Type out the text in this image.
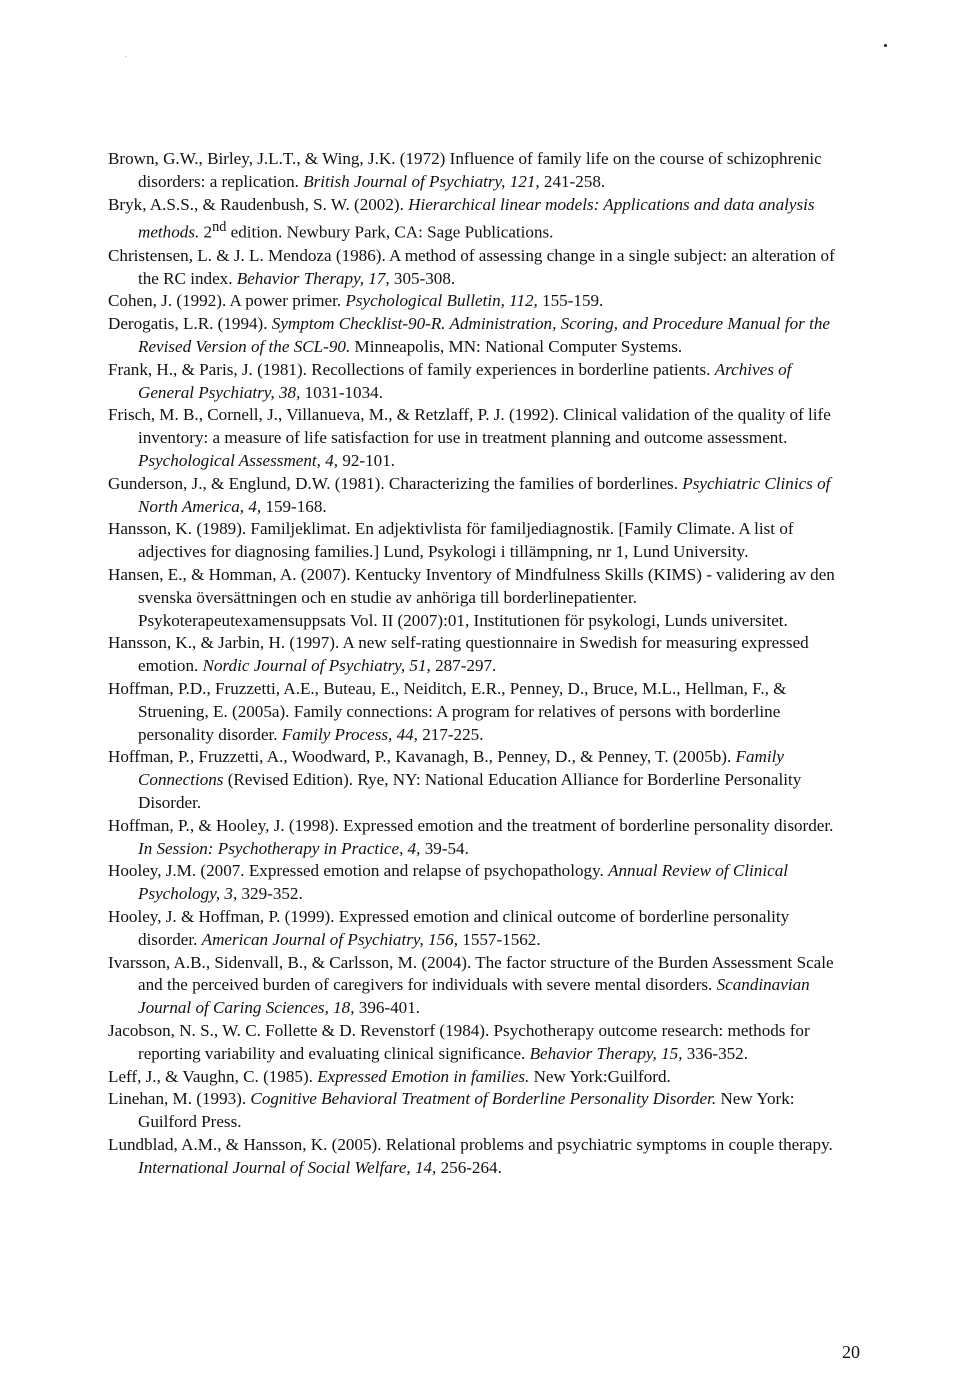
·

Brown, G.W., Birley, J.L.T., & Wing, J.K. (1972) Influence of family life on the course of schizophrenic disorders: a replication. British Journal of Psychiatry, 121, 241-258.

Bryk, A.S.S., & Raudenbush, S. W. (2002). Hierarchical linear models: Applications and data analysis methods. 2nd edition. Newbury Park, CA: Sage Publications.

Christensen, L. & J. L. Mendoza (1986). A method of assessing change in a single subject: an alteration of the RC index. Behavior Therapy, 17, 305-308.

Cohen, J. (1992). A power primer. Psychological Bulletin, 112, 155-159.

Derogatis, L.R. (1994). Symptom Checklist-90-R. Administration, Scoring, and Procedure Manual for the Revised Version of the SCL-90. Minneapolis, MN: National Computer Systems.

Frank, H., & Paris, J. (1981). Recollections of family experiences in borderline patients. Archives of General Psychiatry, 38, 1031-1034.

Frisch, M. B., Cornell, J., Villanueva, M., & Retzlaff, P. J. (1992). Clinical validation of the quality of life inventory: a measure of life satisfaction for use in treatment planning and outcome assessment. Psychological Assessment, 4, 92-101.

Gunderson, J., & Englund, D.W. (1981). Characterizing the families of borderlines. Psychiatric Clinics of North America, 4, 159-168.

Hansson, K. (1989). Familjeklimat. En adjektivlista för familjediagnostik. [Family Climate. A list of adjectives for diagnosing families.] Lund, Psykologi i tillämpning, nr 1, Lund University.

Hansen, E., & Homman, A. (2007). Kentucky Inventory of Mindfulness Skills (KIMS) - validering av den svenska översättningen och en studie av anhöriga till borderlinepatienter. Psykoterapeutexamensuppsats Vol. II (2007):01, Institutionen för psykologi, Lunds universitet.

Hansson, K., & Jarbin, H. (1997). A new self-rating questionnaire in Swedish for measuring expressed emotion. Nordic Journal of Psychiatry, 51, 287-297.

Hoffman, P.D., Fruzzetti, A.E., Buteau, E., Neiditch, E.R., Penney, D., Bruce, M.L., Hellman, F., & Struening, E. (2005a). Family connections: A program for relatives of persons with borderline personality disorder. Family Process, 44, 217-225.

Hoffman, P., Fruzzetti, A., Woodward, P., Kavanagh, B., Penney, D., & Penney, T. (2005b). Family Connections (Revised Edition). Rye, NY: National Education Alliance for Borderline Personality Disorder.

Hoffman, P., & Hooley, J. (1998). Expressed emotion and the treatment of borderline personality disorder. In Session: Psychotherapy in Practice, 4, 39-54.

Hooley, J.M. (2007. Expressed emotion and relapse of psychopathology. Annual Review of Clinical Psychology, 3, 329-352.

Hooley, J. & Hoffman, P. (1999). Expressed emotion and clinical outcome of borderline personality disorder. American Journal of Psychiatry, 156, 1557-1562.

Ivarsson, A.B., Sidenvall, B., & Carlsson, M. (2004). The factor structure of the Burden Assessment Scale and the perceived burden of caregivers for individuals with severe mental disorders. Scandinavian Journal of Caring Sciences, 18, 396-401.

Jacobson, N. S., W. C. Follette & D. Revenstorf (1984). Psychotherapy outcome research: methods for reporting variability and evaluating clinical significance. Behavior Therapy, 15, 336-352.

Leff, J., & Vaughn, C. (1985). Expressed Emotion in families. New York:Guilford.

Linehan, M. (1993). Cognitive Behavioral Treatment of Borderline Personality Disorder. New York: Guilford Press.

Lundblad, A.M., & Hansson, K. (2005). Relational problems and psychiatric symptoms in couple therapy. International Journal of Social Welfare, 14, 256-264.

20
